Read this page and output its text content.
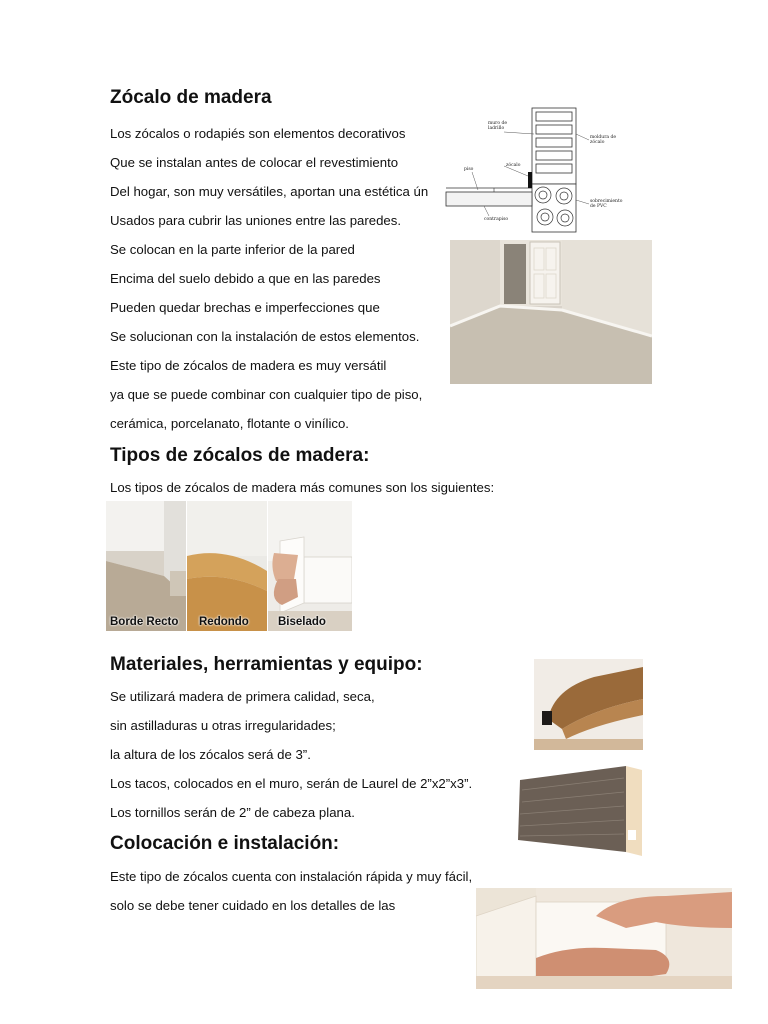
Zócalo de madera
Los zócalos o rodapiés son elementos decorativos
Que se instalan antes de colocar el revestimiento
Del hogar, son muy versátiles, aportan una estética ún
Usados para cubrir las uniones entre las paredes.
Se colocan en la parte inferior de la pared
Encima del suelo debido a que en las paredes
Pueden quedar brechas e imperfecciones que
Se solucionan con la instalación de estos elementos.
Este tipo de zócalos de madera es muy versátil
ya que se puede combinar con cualquier tipo de piso,
cerámica, porcelanato, flotante o vinílico.
muro de
ladrillo
moldura de
zócalo
zócalo
piso
contrapiso
sobrecimiento
de PVC
Tipos de zócalos de madera:
Los tipos de zócalos de madera más comunes son los siguientes:
Borde Recto Redondo	Biselado
Materiales, herramientas y equipo:
Se utilizará madera de primera calidad, seca,
sin astilladuras u otras irregularidades;
la altura de los zócalos será de 3”.
Los tacos, colocados en el muro, serán de Laurel de 2”x2”x3”.
Los tornillos serán de 2” de cabeza plana.
Colocación e instalación:
Este tipo de zócalos cuenta con instalación rápida y muy fácil,
solo se debe tener cuidado en los detalles de las
